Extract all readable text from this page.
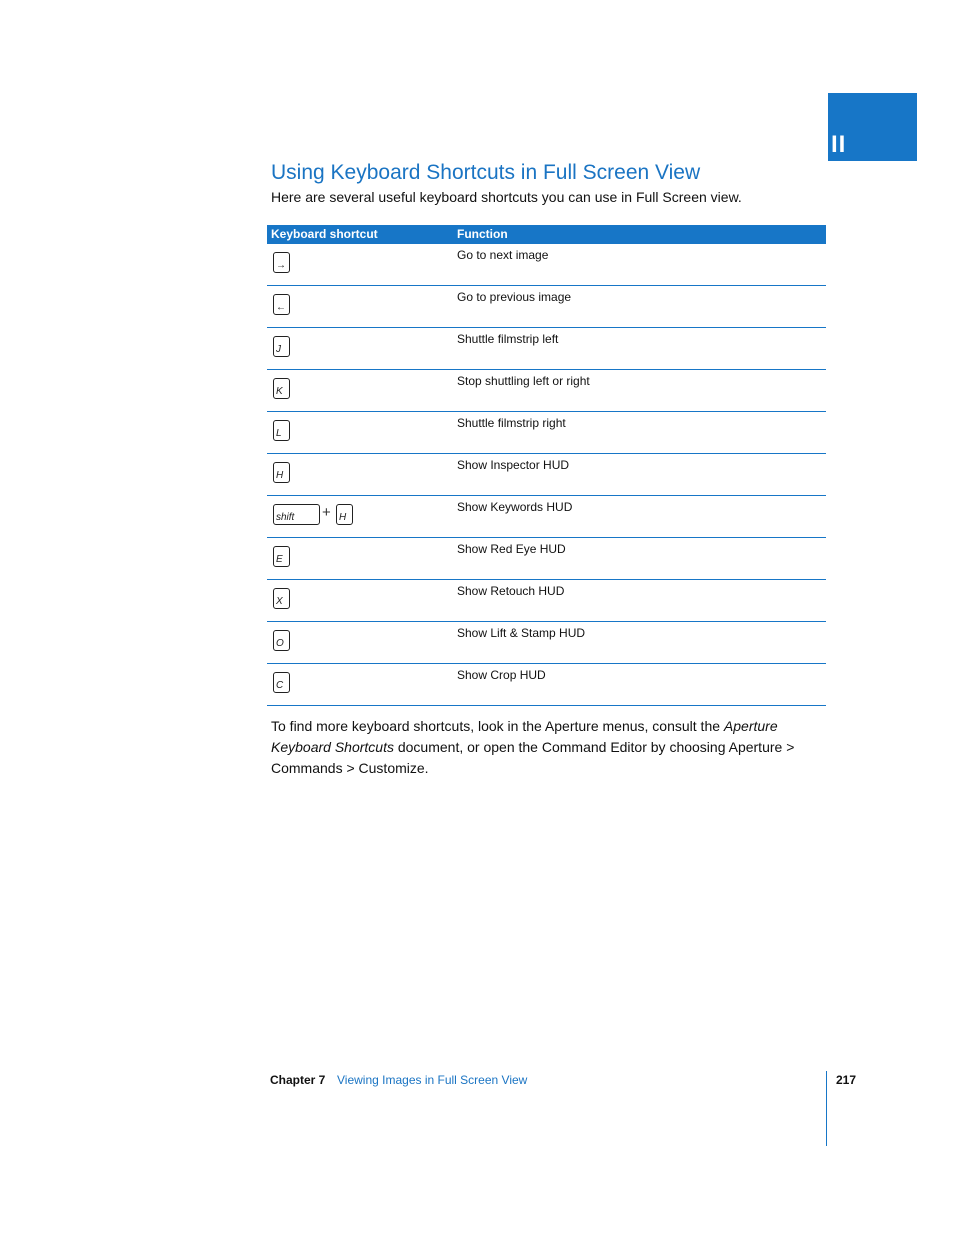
II
Using Keyboard Shortcuts in Full Screen View
Here are several useful keyboard shortcuts you can use in Full Screen view.
Keyboard shortcut	Function
→
Go to next image
←
Go to previous image
J
Shuttle filmstrip left
K
Stop shuttling left or right
L
Shuttle filmstrip right
H
Show Inspector HUD
shift + H
Show Keywords HUD
E
Show Red Eye HUD
X
Show Retouch HUD
O
Show Lift & Stamp HUD
C
Show Crop HUD

To find more keyboard shortcuts, look in the Aperture menus, consult the Aperture Keyboard Shortcuts document, or open the Command Editor by choosing Aperture > Commands > Customize.

Chapter 7 Viewing Images in Full Screen View	217
